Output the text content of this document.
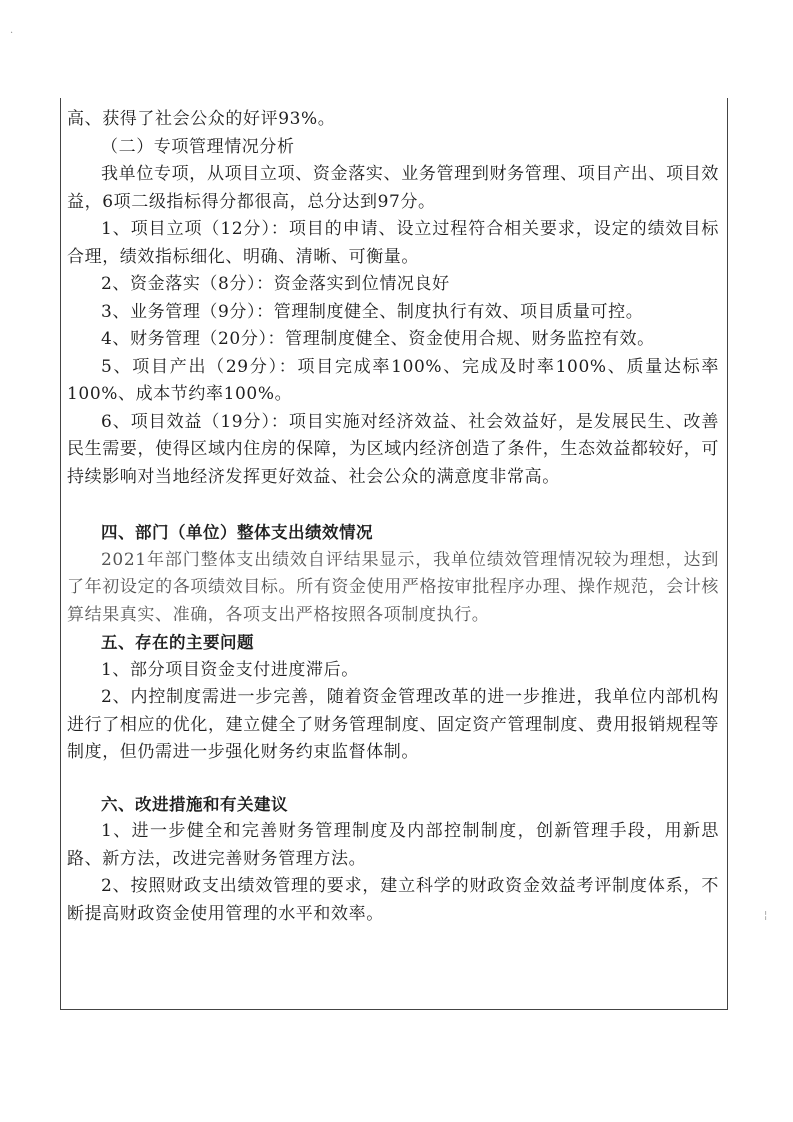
高、获得了社会公众的好评93%。

（二）专项管理情况分析

我单位专项，从项目立项、资金落实、业务管理到财务管理、项目产出、项目效益，6项二级指标得分都很高，总分达到97分。

1、项目立项（12分）：项目的申请、设立过程符合相关要求，设定的绩效目标合理，绩效指标细化、明确、清晰、可衡量。

2、资金落实（8分）：资金落实到位情况良好

3、业务管理（9分）：管理制度健全、制度执行有效、项目质量可控。

4、财务管理（20分）：管理制度健全、资金使用合规、财务监控有效。

5、项目产出（29分）：项目完成率100%、完成及时率100%、质量达标率100%、成本节约率100%。

6、项目效益（19分）：项目实施对经济效益、社会效益好，是发展民生、改善民生需要，使得区域内住房的保障，为区域内经济创造了条件，生态效益都较好，可持续影响对当地经济发挥更好效益、社会公众的满意度非常高。

四、部门（单位）整体支出绩效情况

2021年部门整体支出绩效自评结果显示，我单位绩效管理情况较为理想，达到了年初设定的各项绩效目标。所有资金使用严格按审批程序办理、操作规范，会计核算结果真实、准确，各项支出严格按照各项制度执行。

五、存在的主要问题

1、部分项目资金支付进度滞后。

2、内控制度需进一步完善，随着资金管理改革的进一步推进，我单位内部机构进行了相应的优化，建立健全了财务管理制度、固定资产管理制度、费用报销规程等制度，但仍需进一步强化财务约束监督体制。

六、改进措施和有关建议

1、进一步健全和完善财务管理制度及内部控制制度，创新管理手段，用新思路、新方法，改进完善财务管理方法。

2、按照财政支出绩效管理的要求，建立科学的财政资金效益考评制度体系，不断提高财政资金使用管理的水平和效率。

·
¦
